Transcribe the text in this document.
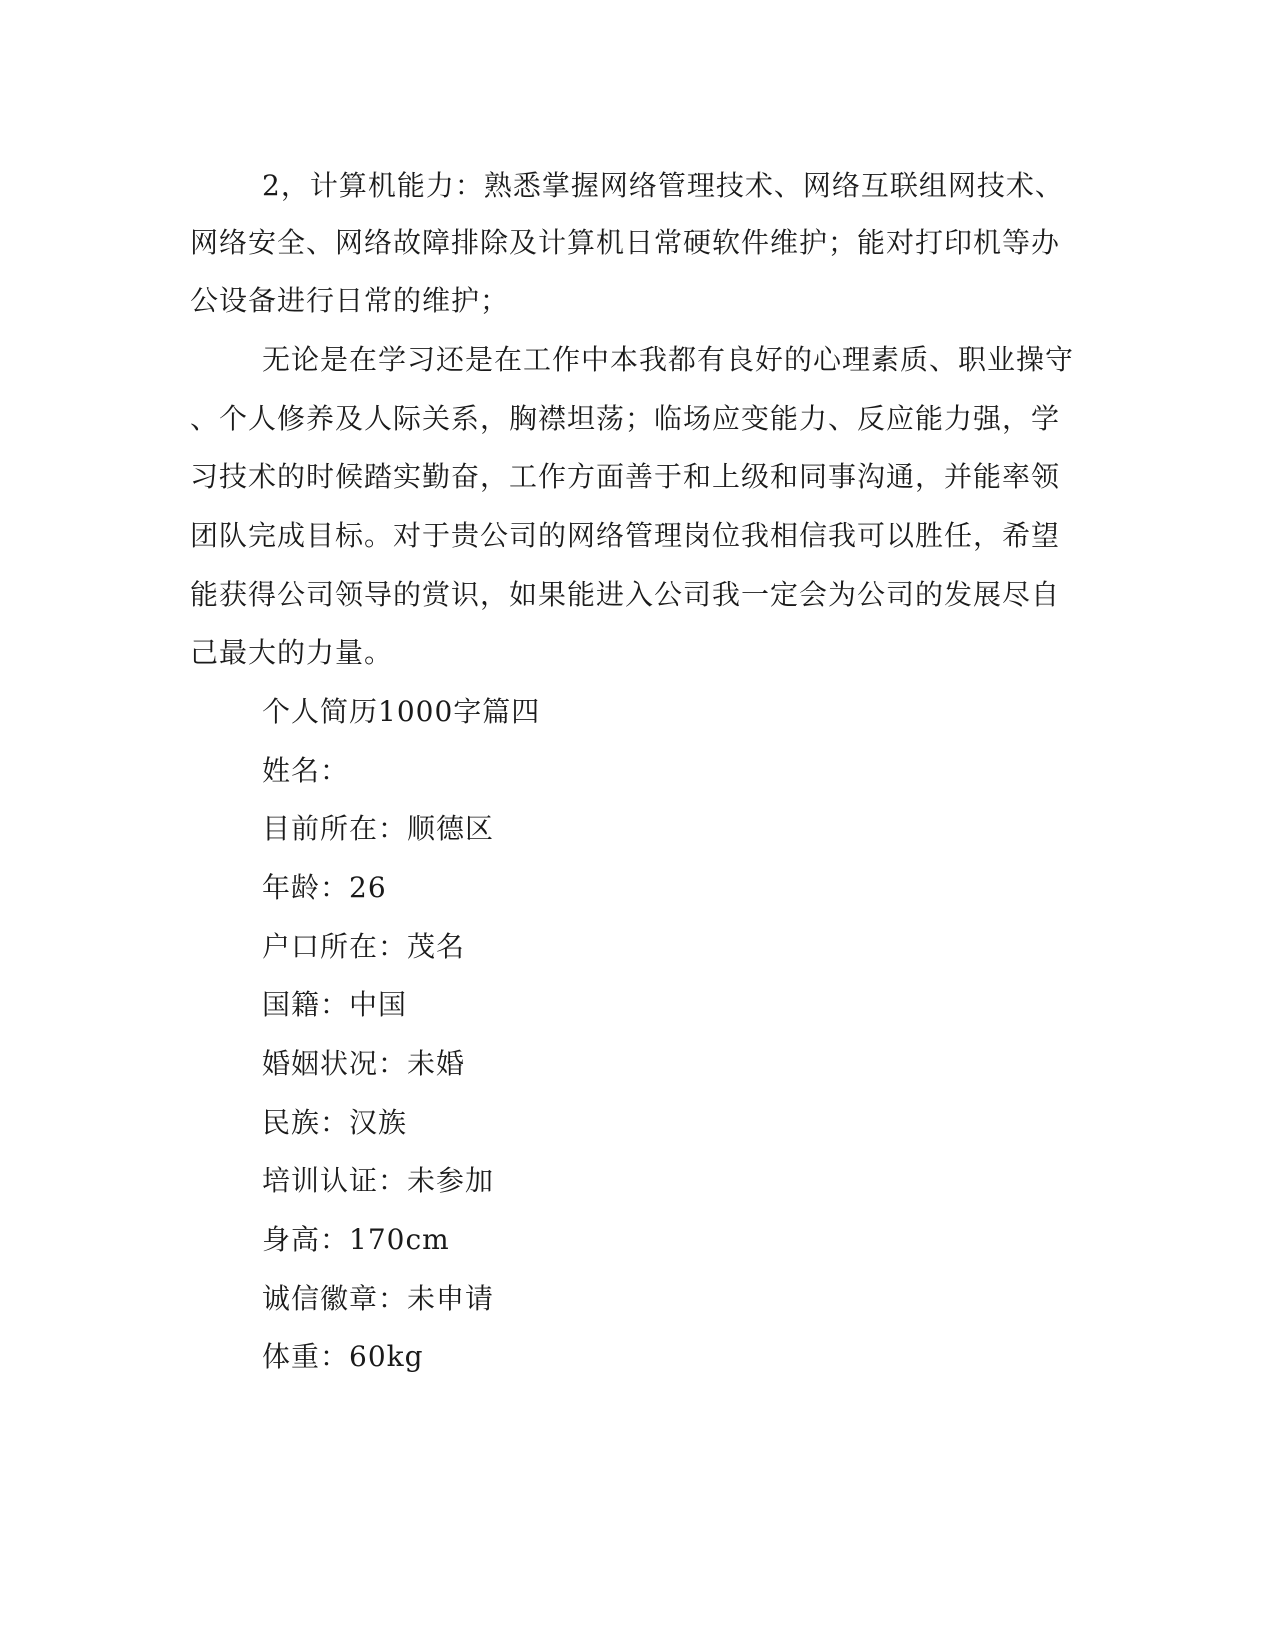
2，计算机能力：熟悉掌握网络管理技术、网络互联组网技术、
网络安全、网络故障排除及计算机日常硬软件维护；能对打印机等办
公设备进行日常的维护；
无论是在学习还是在工作中本我都有良好的心理素质、职业操守
、个人修养及人际关系，胸襟坦荡；临场应变能力、反应能力强，学
习技术的时候踏实勤奋，工作方面善于和上级和同事沟通，并能率领
团队完成目标。对于贵公司的网络管理岗位我相信我可以胜任，希望
能获得公司领导的赏识，如果能进入公司我一定会为公司的发展尽自
己最大的力量。
个人简历1000字篇四
姓名：
目前所在：顺德区
年龄：26
户口所在：茂名
国籍：中国
婚姻状况：未婚
民族：汉族
培训认证：未参加
身高：170cm
诚信徽章：未申请
体重：60kg
